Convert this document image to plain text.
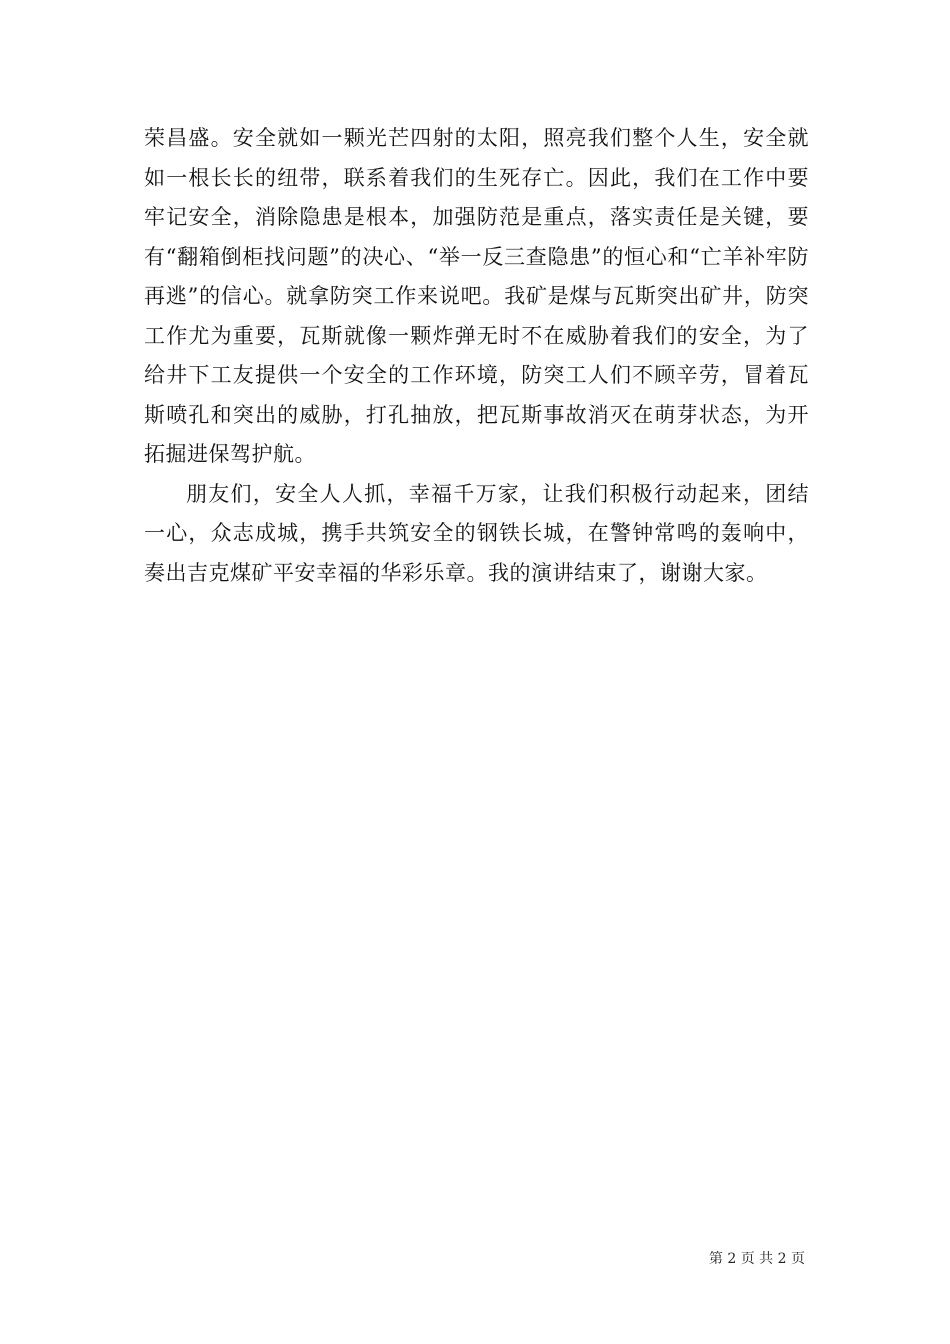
荣昌盛。安全就如一颗光芒四射的太阳，照亮我们整个人生，安全就如一根长长的纽带，联系着我们的生死存亡。因此，我们在工作中要牢记安全，消除隐患是根本，加强防范是重点，落实责任是关键，要有“翻箱倒柜找问题”的决心、“举一反三查隐患”的恒心和“亡羊补牢防再逃”的信心。就拿防突工作来说吧。我矿是煤与瓦斯突出矿井，防突工作尤为重要，瓦斯就像一颗炸弹无时不在威胁着我们的安全，为了给井下工友提供一个安全的工作环境，防突工人们不顾辛劳，冒着瓦斯喷孔和突出的威胁，打孔抽放，把瓦斯事故消灭在萌芽状态，为开拓掘进保驾护航。

朋友们，安全人人抓，幸福千万家，让我们积极行动起来，团结一心，众志成城，携手共筑安全的钢铁长城，在警钟常鸣的轰响中，奏出吉克煤矿平安幸福的华彩乐章。我的演讲结束了，谢谢大家。

第 2 页 共 2 页
